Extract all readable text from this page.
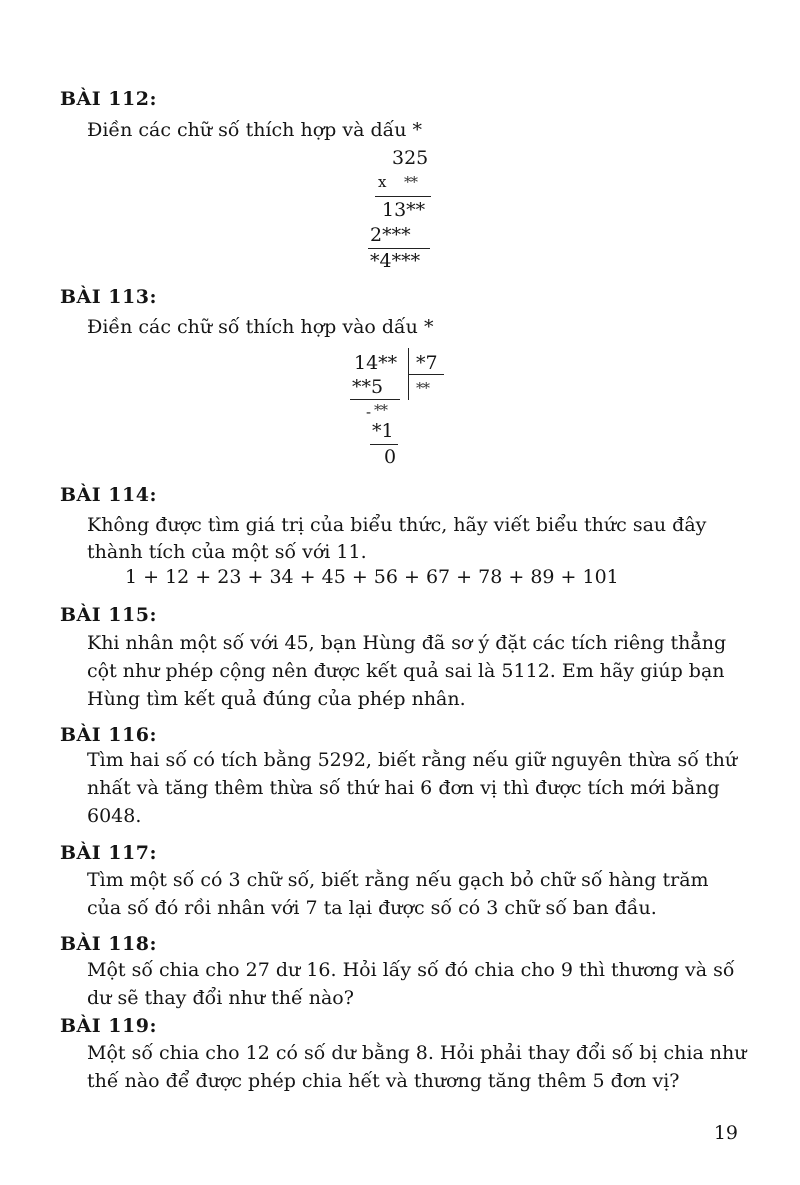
BÀI 112:
Điền các chữ số thích hợp và dấu *
325
x **
13**
2***
*4***
BÀI 113:
Điền các chữ số thích hợp vào dấu *
14** *7
**5 **
- **
*1
0
BÀI 114:
Không được tìm giá trị của biểu thức, hãy viết biểu thức sau đây
thành tích của một số với 11.
1 + 12 + 23 + 34 + 45 + 56 + 67 + 78 + 89 + 101
BÀI 115:
Khi nhân một số với 45, bạn Hùng đã sơ ý đặt các tích riêng thẳng cột như phép cộng nên được kết quả sai là 5112. Em hãy giúp bạn Hùng tìm kết quả đúng của phép nhân.
BÀI 116:
Tìm hai số có tích bằng 5292, biết rằng nếu giữ nguyên thừa số thứ nhất và tăng thêm thừa số thứ hai 6 đơn vị thì được tích mới bằng 6048.
BÀI 117:
Tìm một số có 3 chữ số, biết rằng nếu gạch bỏ chữ số hàng trăm của số đó rồi nhân với 7 ta lại được số có 3 chữ số ban đầu.
BÀI 118:
Một số chia cho 27 dư 16. Hỏi lấy số đó chia cho 9 thì thương và số dư sẽ thay đổi như thế nào?
BÀI 119:
Một số chia cho 12 có số dư bằng 8. Hỏi phải thay đổi số bị chia như thế nào để được phép chia hết và thương tăng thêm 5 đơn vị?
19
